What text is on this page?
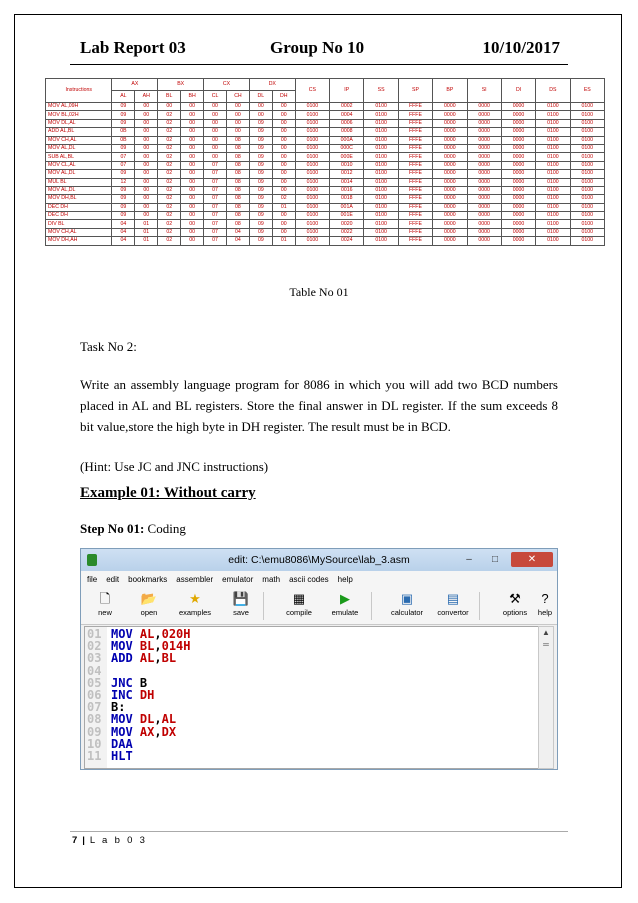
Lab Report 03	Group No 10	10/10/2017
Instructions	AX		BX		CX		DX		CS	IP	SS	SP	BP	SI	DI	DS	ES
	AL	AH	BL	BH	CL	CH	DL	DH									
MOV AL,09H	09	00	00	00	00	00	00	00	0100	0002	0100	FFFE	0000	0000	0000	0100	0100
MOV BL,02H	09	00	02	00	00	00	00	00	0100	0004	0100	FFFE	0000	0000	0000	0100	0100
MOV DL,AL	09	00	02	00	00	00	09	00	0100	0006	0100	FFFE	0000	0000	0000	0100	0100
ADD AL,BL	0B	00	02	00	00	00	09	00	0100	0008	0100	FFFE	0000	0000	0000	0100	0100
MOV CH,AL	0B	00	02	00	00	08	09	00	0100	000A	0100	FFFE	0000	0000	0000	0100	0100
MOV AL,DL	09	00	02	00	00	08	09	00	0100	000C	0100	FFFE	0000	0000	0000	0100	0100
SUB AL,BL	07	00	02	00	00	08	09	00	0100	000E	0100	FFFE	0000	0000	0000	0100	0100
MOV CL,AL	07	00	02	00	07	08	09	00	0100	0010	0100	FFFE	0000	0000	0000	0100	0100
MOV AL,DL	09	00	02	00	07	08	09	00	0100	0012	0100	FFFE	0000	0000	0000	0100	0100
MUL BL	12	00	02	00	07	08	09	00	0100	0014	0100	FFFE	0000	0000	0000	0100	0100
MOV AL,DL	09	00	02	00	07	08	09	00	0100	0016	0100	FFFE	0000	0000	0000	0100	0100
MOV DH,BL	09	00	02	00	07	08	09	02	0100	0018	0100	FFFE	0000	0000	0000	0100	0100
DEC DH	09	00	02	00	07	08	09	01	0100	001A	0100	FFFE	0000	0000	0000	0100	0100
DEC DH	09	00	02	00	07	08	09	00	0100	001E	0100	FFFE	0000	0000	0000	0100	0100
DIV BL	04	01	02	00	07	08	09	00	0100	0020	0100	FFFE	0000	0000	0000	0100	0100
MOV CH,AL	04	01	02	00	07	04	09	00	0100	0022	0100	FFFE	0000	0000	0000	0100	0100
MOV DH,AH	04	01	02	00	07	04	09	01	0100	0024	0100	FFFE	0000	0000	0000	0100	0100
Table No 01
Task No 2:
Write an assembly language program for 8086 in which you will add two BCD numbers placed in AL and BL registers. Store the final answer in DL register. If the sum exceeds 8 bit value,store the high byte in DH register. The result must be in BCD.
(Hint: Use JC and JNC instructions)
Example 01: Without carry
Step No 01: Coding
edit: C:\emu8086\MySource\lab_3.asm	–	□	✕
file edit bookmarks assembler emulator math ascii codes help
🗋
new
📂
open
★
examples
💾
save
▦
compile
▶
emulate
▣
calculator
▤
convertor
⚒
options
?
help
01 MOV AL,020H
02 MOV BL,014H
03 ADD AL,BL
04
05 JNC B
06 INC DH
07 B:
08 MOV DL,AL
09 MOV AX,DX
10 DAA
11 HLT
▲
═
7 | L a b 0 3
